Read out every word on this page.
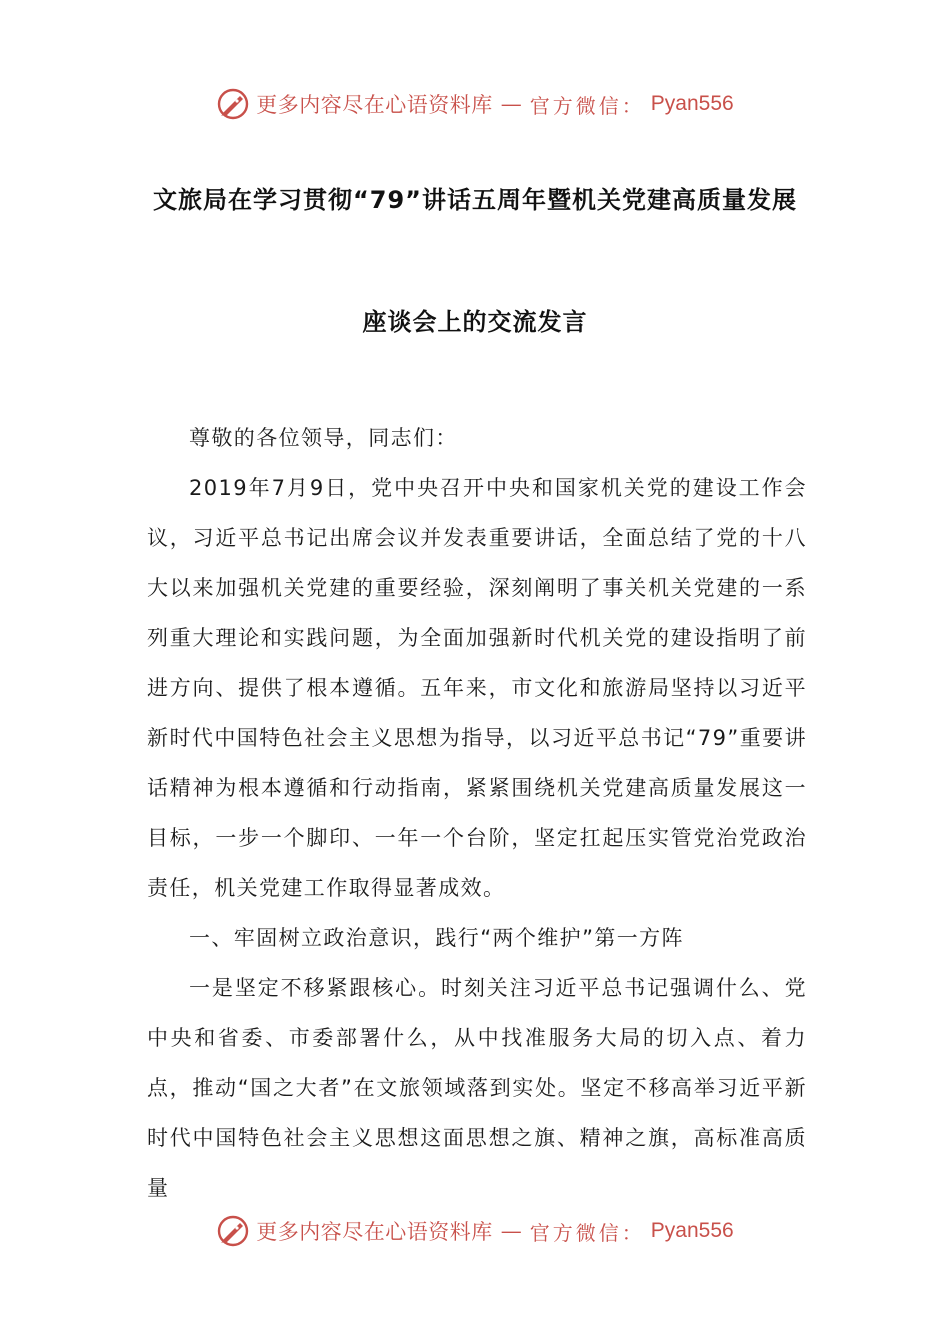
更多内容尽在心语资料库 — 官方微信： Pyan556
文旅局在学习贯彻“79”讲话五周年暨机关党建高质量发展
座谈会上的交流发言

尊敬的各位领导，同志们：

2019年7月9日，党中央召开中央和国家机关党的建设工作会议，习近平总书记出席会议并发表重要讲话，全面总结了党的十八大以来加强机关党建的重要经验，深刻阐明了事关机关党建的一系列重大理论和实践问题，为全面加强新时代机关党的建设指明了前进方向、提供了根本遵循。五年来，市文化和旅游局坚持以习近平新时代中国特色社会主义思想为指导，以习近平总书记“79”重要讲话精神为根本遵循和行动指南，紧紧围绕机关党建高质量发展这一目标，一步一个脚印、一年一个台阶，坚定扛起压实管党治党政治责任，机关党建工作取得显著成效。

一、牢固树立政治意识，践行“两个维护”第一方阵

一是坚定不移紧跟核心。时刻关注习近平总书记强调什么、党中央和省委、市委部署什么，从中找准服务大局的切入点、着力点，推动“国之大者”在文旅领域落到实处。坚定不移高举习近平新时代中国特色社会主义思想这面思想之旗、精神之旗，高标准高质量

更多内容尽在心语资料库 — 官方微信： Pyan556
